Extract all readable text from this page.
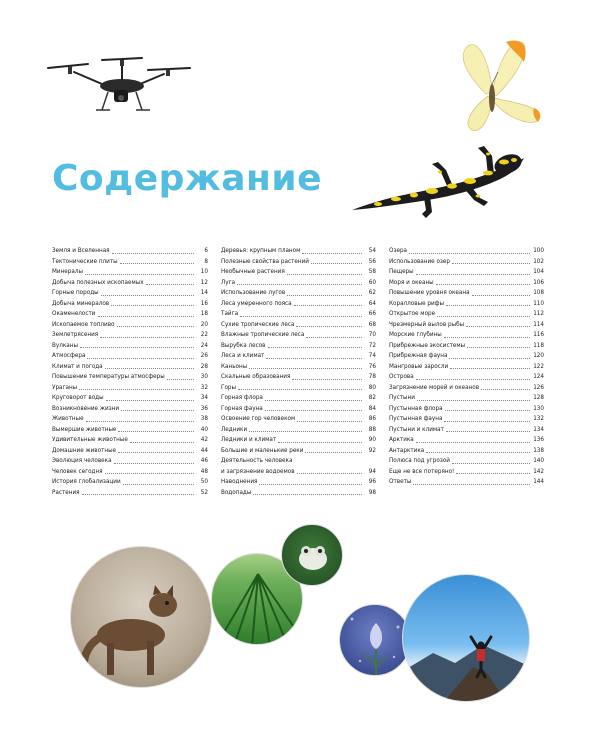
Содержание
Земля и Вселенная	6
Тектонические плиты	8
Минералы	10
Добыча полезных ископаемых	12
Горные породы	14
Добыча минералов	16
Окаменелости	18
Ископаемое топливо	20
Землетрясения	22
Вулканы	24
Атмосфера	26
Климат и погода	28
Повышение температуры атмосферы	30
Ураганы	32
Круговорот воды	34
Возникновение жизни	36
Животные	38
Вымершие животные	40
Удивительные животные	42
Домашние животные	44
Эволюция человека	46
Человек сегодня	48
История глобализации	50
Растения	52
Деревья: крупным планом	54
Полезные свойства растений	56
Необычные растения	58
Луга	60
Использование лугов	62
Леса умеренного пояса	64
Тайга	66
Сухие тропические леса	68
Влажные тропические леса	70
Вырубка лесов	72
Леса и климат	74
Каньоны	76
Скальные образования	78
Горы	80
Горная флора	82
Горная фауна	84
Освоение гор человеком	86
Ледники	88
Ледники и климат	90
Большие и маленькие реки	92
Деятельность человека
и загрязнение водоемов	94
Наводнения	96
Водопады	98
Озера	100
Использование озер	102
Пещеры	104
Моря и океаны	106
Повышение уровня океана	108
Коралловые рифы	110
Открытое море	112
Чрезмерный вылов рыбы	114
Морские глубины	116
Прибрежные экосистемы	118
Прибрежная фауна	120
Мангровые заросли	122
Острова	124
Загрязнение морей и океанов	126
Пустыни	128
Пустынная флора	130
Пустынная фауна	132
Пустыни и климат	134
Арктика	136
Антарктика	138
Полюса под угрозой	140
Еще не все потеряно!	142
Ответы	144
